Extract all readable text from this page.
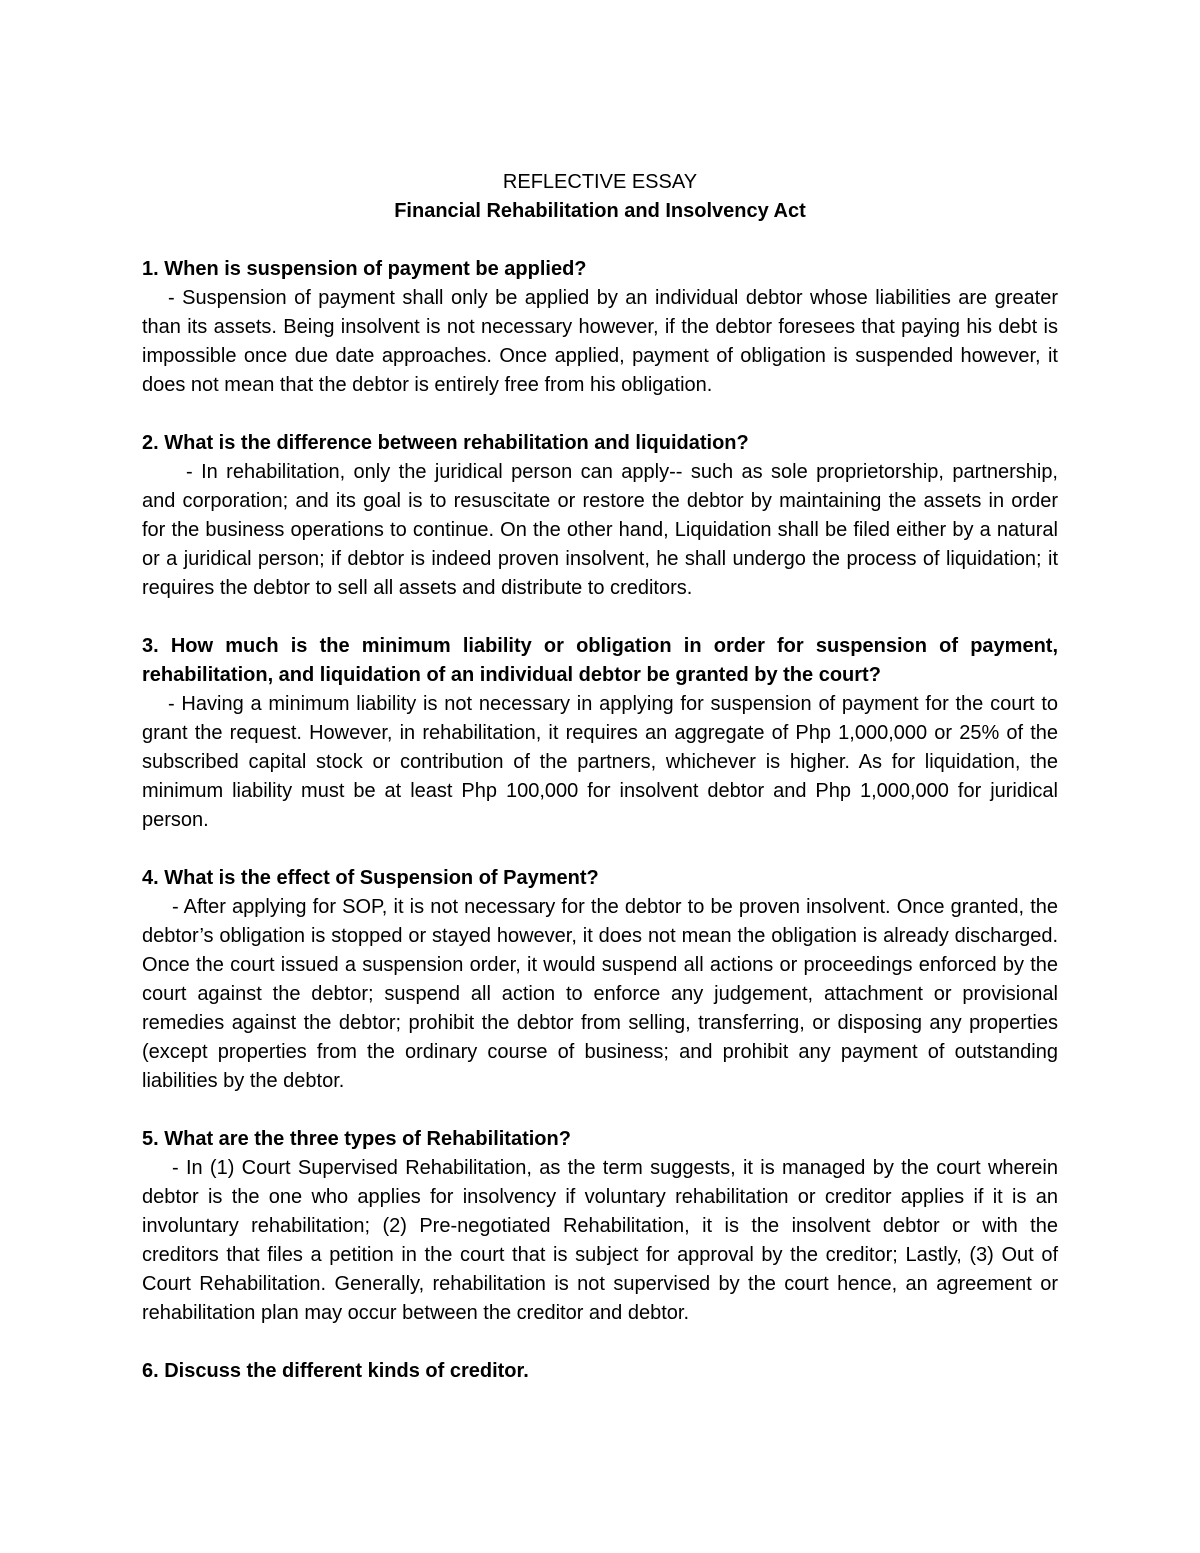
REFLECTIVE ESSAY
Financial Rehabilitation and Insolvency Act

1. When is suspension of payment be applied?

- Suspension of payment shall only be applied by an individual debtor whose liabilities are greater than its assets. Being insolvent is not necessary however, if the debtor foresees that paying his debt is impossible once due date approaches. Once applied, payment of obligation is suspended however, it does not mean that the debtor is entirely free from his obligation.

2. What is the difference between rehabilitation and liquidation?

- In rehabilitation, only the juridical person can apply-- such as sole proprietorship, partnership, and corporation; and its goal is to resuscitate or restore the debtor by maintaining the assets in order for the business operations to continue. On the other hand, Liquidation shall be filed either by a natural or a juridical person; if debtor is indeed proven insolvent, he shall undergo the process of liquidation; it requires the debtor to sell all assets and distribute to creditors.

3. How much is the minimum liability or obligation in order for suspension of payment, rehabilitation, and liquidation of an individual debtor be granted by the court?

- Having a minimum liability is not necessary in applying for suspension of payment for the court to grant the request. However, in rehabilitation, it requires an aggregate of Php 1,000,000 or 25% of the subscribed capital stock or contribution of the partners, whichever is higher. As for liquidation, the minimum liability must be at least Php 100,000 for insolvent debtor and Php 1,000,000 for juridical person.

4. What is the effect of Suspension of Payment?

- After applying for SOP, it is not necessary for the debtor to be proven insolvent. Once granted, the debtor’s obligation is stopped or stayed however, it does not mean the obligation is already discharged. Once the court issued a suspension order, it would suspend all actions or proceedings enforced by the court against the debtor; suspend all action to enforce any judgement, attachment or provisional remedies against the debtor; prohibit the debtor from selling, transferring, or disposing any properties (except properties from the ordinary course of business; and prohibit any payment of outstanding liabilities by the debtor.

5. What are the three types of Rehabilitation?

- In (1) Court Supervised Rehabilitation, as the term suggests, it is managed by the court wherein debtor is the one who applies for insolvency if voluntary rehabilitation or creditor applies if it is an involuntary rehabilitation; (2) Pre-negotiated Rehabilitation, it is the insolvent debtor or with the creditors that files a petition in the court that is subject for approval by the creditor; Lastly, (3) Out of Court Rehabilitation. Generally, rehabilitation is not supervised by the court hence, an agreement or rehabilitation plan may occur between the creditor and debtor.

6. Discuss the different kinds of creditor.
